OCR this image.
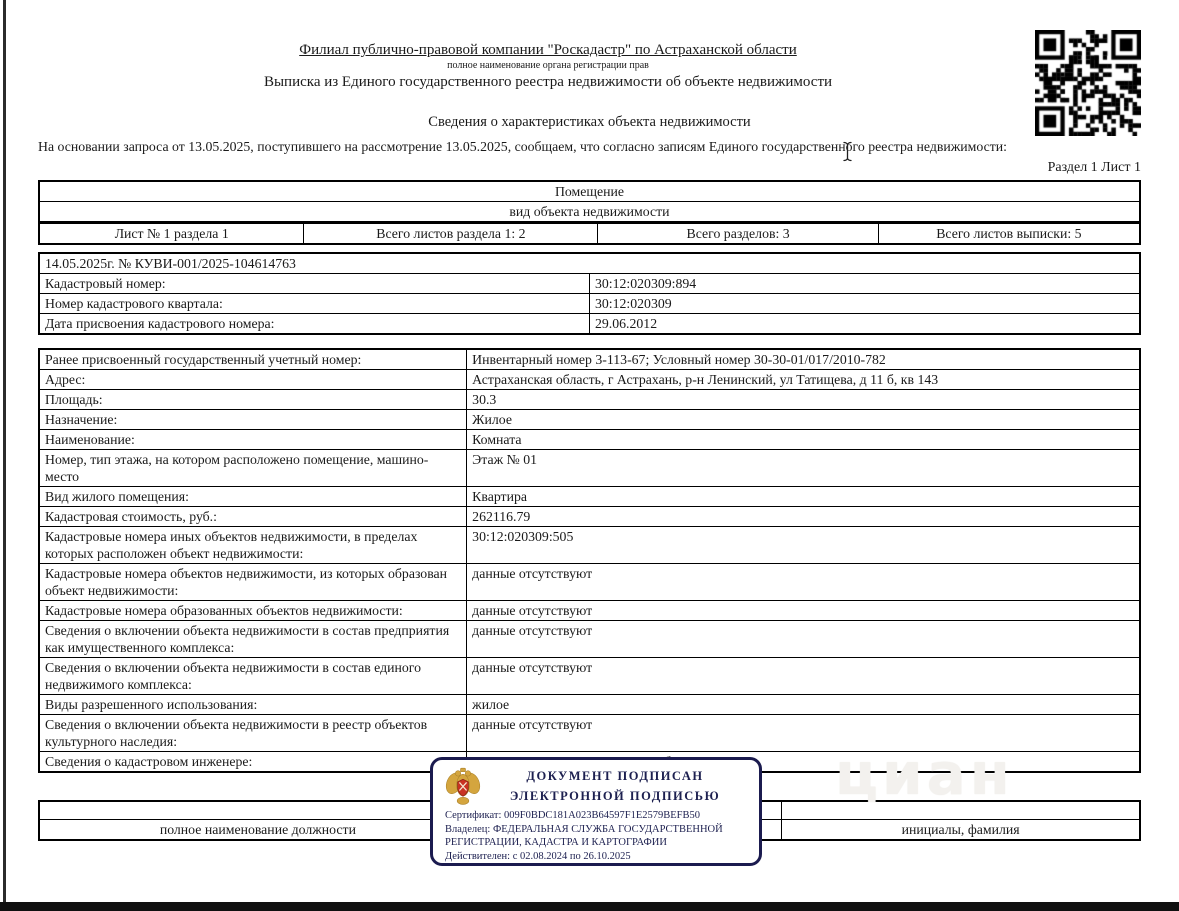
Филиал публично-правовой компании "Роскадастр" по Астраханской области
полное наименование органа регистрации прав
Выписка из Единого государственного реестра недвижимости об объекте недвижимости
Сведения о характеристиках объекта недвижимости
На основании запроса от 13.05.2025, поступившего на рассмотрение 13.05.2025, сообщаем, что согласно записям Единого государственного реестра недвижимости:
Раздел 1 Лист 1
Помещение
вид объекта недвижимости
Лист № 1 раздела 1	Всего листов раздела 1: 2	Всего разделов: 3	Всего листов выписки: 5
14.05.2025г. № КУВИ-001/2025-104614763	
Кадастровый номер:	30:12:020309:894
Номер кадастрового квартала:	30:12:020309
Дата присвоения кадастрового номера:	29.06.2012
Ранее присвоенный государственный учетный номер:	Инвентарный номер 3-113-67; Условный номер 30-30-01/017/2010-782
Адрес:	Астраханская область, г Астрахань, р-н Ленинский, ул Татищева, д 11 б, кв 143
Площадь:	30.3
Назначение:	Жилое
Наименование:	Комната
Номер, тип этажа, на котором расположено помещение, машино-место	Этаж № 01
Вид жилого помещения:	Квартира
Кадастровая стоимость, руб.:	262116.79
Кадастровые номера иных объектов недвижимости, в пределах которых расположен объект недвижимости:	30:12:020309:505
Кадастровые номера объектов недвижимости, из которых образован объект недвижимости:	данные отсутствуют
Кадастровые номера образованных объектов недвижимости:	данные отсутствуют
Сведения о включении объекта недвижимости в состав предприятия как имущественного комплекса:	данные отсутствуют
Сведения о включении объекта недвижимости в состав единого недвижимого комплекса:	данные отсутствуют
Виды разрешенного использования:	жилое
Сведения о включении объекта недвижимости в реестр объектов культурного наследия:	данные отсутствуют
Сведения о кадастровом инженере:	

полное наименование должности		инициалы, фамилия
ДОКУМЕНТ ПОДПИСАН
ЭЛЕКТРОННОЙ ПОДПИСЬЮ
Сертификат: 009F0BDC181A023B64597F1E2579BEFB50
Владелец: ФЕДЕРАЛЬНАЯ СЛУЖБА ГОСУДАРСТВЕННОЙ РЕГИСТРАЦИИ, КАДАСТРА И КАРТОГРАФИИ
Действителен: с 02.08.2024 по 26.10.2025
циан
